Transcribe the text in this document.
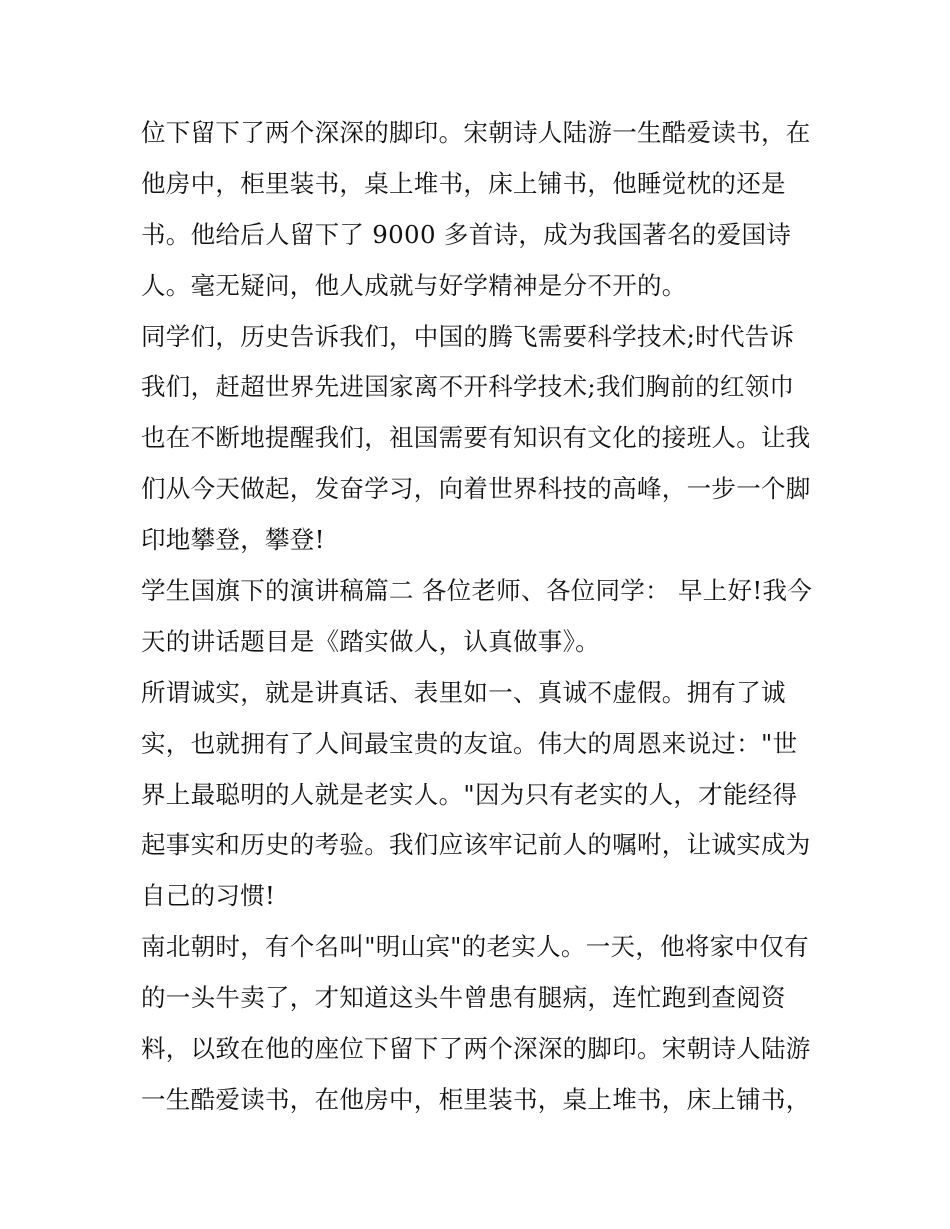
位下留下了两个深深的脚印。宋朝诗人陆游一生酷爱读书，在
他房中，柜里装书，桌上堆书，床上铺书，他睡觉枕的还是
书。他给后人留下了 9000 多首诗，成为我国著名的爱国诗
人。毫无疑问，他人成就与好学精神是分不开的。
同学们，历史告诉我们，中国的腾飞需要科学技术;时代告诉
我们，赶超世界先进国家离不开科学技术;我们胸前的红领巾
也在不断地提醒我们，祖国需要有知识有文化的接班人。让我
们从今天做起，发奋学习，向着世界科技的高峰，一步一个脚
印地攀登，攀登!
学生国旗下的演讲稿篇二 各位老师、各位同学： 早上好!我今
天的讲话题目是《踏实做人，认真做事》。
所谓诚实，就是讲真话、表里如一、真诚不虚假。拥有了诚
实，也就拥有了人间最宝贵的友谊。伟大的周恩来说过："世
界上最聪明的人就是老实人。"因为只有老实的人，才能经得
起事实和历史的考验。我们应该牢记前人的嘱咐，让诚实成为
自己的习惯!
南北朝时，有个名叫"明山宾"的老实人。一天，他将家中仅有
的一头牛卖了，才知道这头牛曾患有腿病，连忙跑到查阅资
料，以致在他的座位下留下了两个深深的脚印。宋朝诗人陆游
一生酷爱读书，在他房中，柜里装书，桌上堆书，床上铺书，
